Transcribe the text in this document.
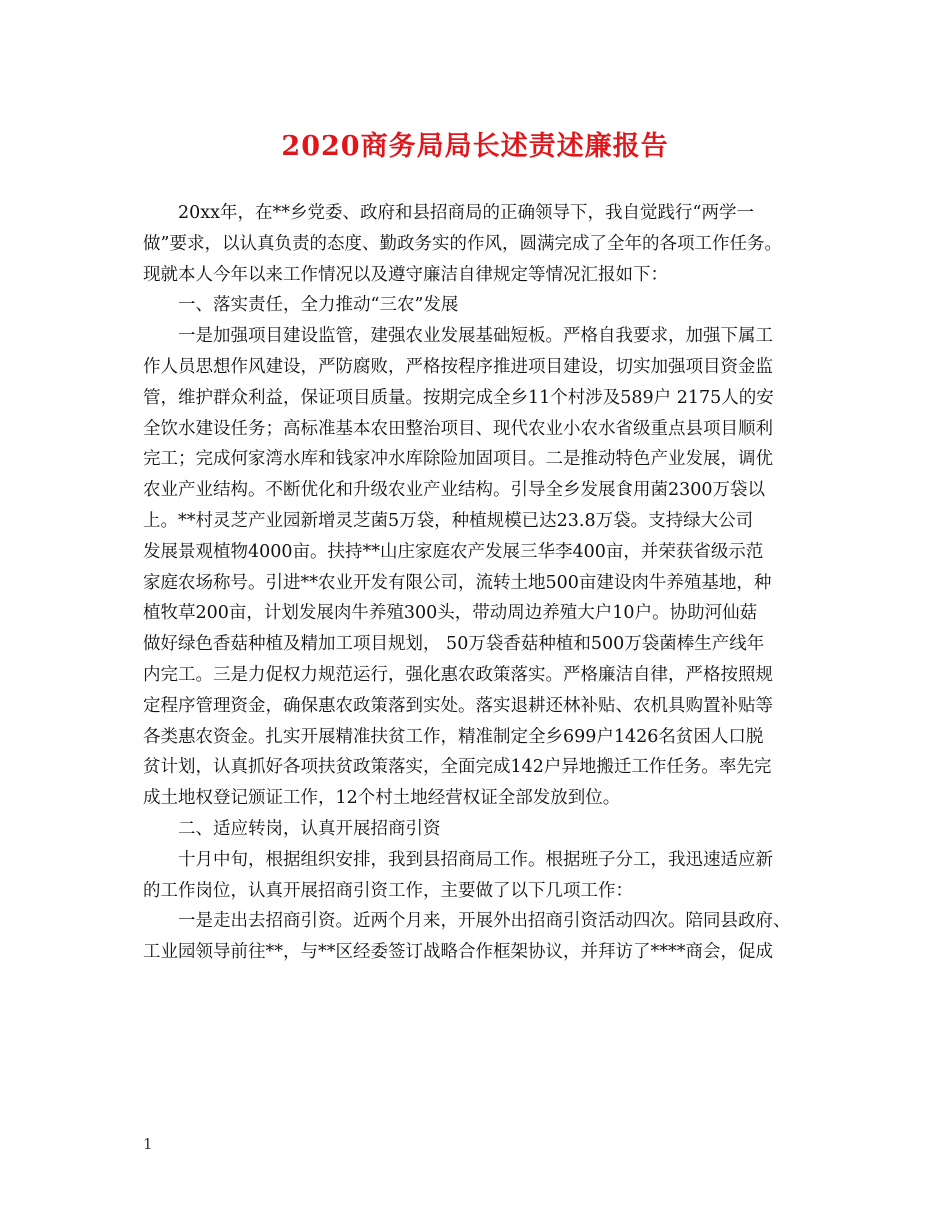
2020商务局局长述责述廉报告
20xx年，在**乡党委、政府和县招商局的正确领导下，我自觉践行“两学一
做”要求，以认真负责的态度、勤政务实的作风，圆满完成了全年的各项工作任务。
现就本人今年以来工作情况以及遵守廉洁自律规定等情况汇报如下：
一、落实责任，全力推动“三农”发展
一是加强项目建设监管，建强农业发展基础短板。严格自我要求，加强下属工
作人员思想作风建设，严防腐败，严格按程序推进项目建设，切实加强项目资金监
管，维护群众利益，保证项目质量。按期完成全乡11个村涉及589户 2175人的安
全饮水建设任务；高标准基本农田整治项目、现代农业小农水省级重点县项目顺利
完工；完成何家湾水库和钱家冲水库除险加固项目。二是推动特色产业发展，调优
农业产业结构。不断优化和升级农业产业结构。引导全乡发展食用菌2300万袋以
上。**村灵芝产业园新增灵芝菌5万袋，种植规模已达23.8万袋。支持绿大公司
发展景观植物4000亩。扶持**山庄家庭农产发展三华李400亩，并荣获省级示范
家庭农场称号。引进**农业开发有限公司，流转土地500亩建设肉牛养殖基地，种
植牧草200亩，计划发展肉牛养殖300头，带动周边养殖大户10户。协助河仙菇
做好绿色香菇种植及精加工项目规划， 50万袋香菇种植和500万袋菌棒生产线年
内完工。三是力促权力规范运行，强化惠农政策落实。严格廉洁自律，严格按照规
定程序管理资金，确保惠农政策落到实处。落实退耕还林补贴、农机具购置补贴等
各类惠农资金。扎实开展精准扶贫工作，精准制定全乡699户1426名贫困人口脱
贫计划，认真抓好各项扶贫政策落实，全面完成142户异地搬迁工作任务。率先完
成土地权登记颁证工作，12个村土地经营权证全部发放到位。
二、适应转岗，认真开展招商引资
十月中旬，根据组织安排，我到县招商局工作。根据班子分工，我迅速适应新
的工作岗位，认真开展招商引资工作，主要做了以下几项工作：
一是走出去招商引资。近两个月来，开展外出招商引资活动四次。陪同县政府、
工业园领导前往**，与**区经委签订战略合作框架协议，并拜访了****商会，促成
1
